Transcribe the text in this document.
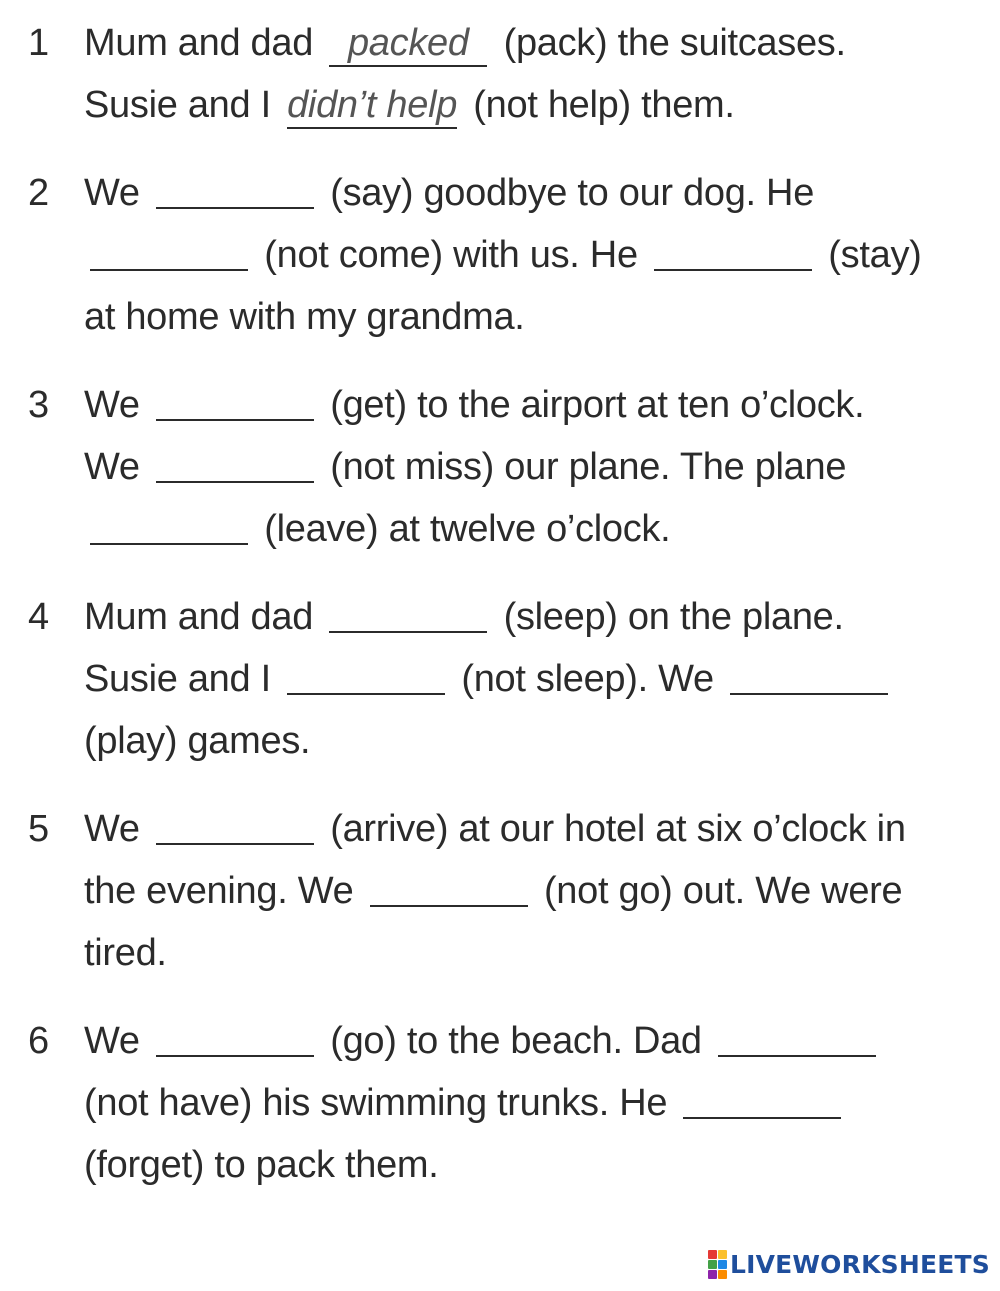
1 Mum and dad packed (pack) the suitcases.
Susie and I didn’t help (not help) them.
2 We	(say) goodbye to our dog. He
(not come) with us. He	(stay)
at home with my grandma.
3 We	(get) to the airport at ten o’clock.
We	(not miss) our plane. The plane
(leave) at twelve o’clock.
4 Mum and dad	(sleep) on the plane.
Susie and I	(not sleep). We
(play) games.
5 We	(arrive) at our hotel at six o’clock in
the evening. We	(not go) out. We were
tired.
6 We	(go) to the beach. Dad
(not have) his swimming trunks. He
(forget) to pack them.
LIVEWORKSHEETS
